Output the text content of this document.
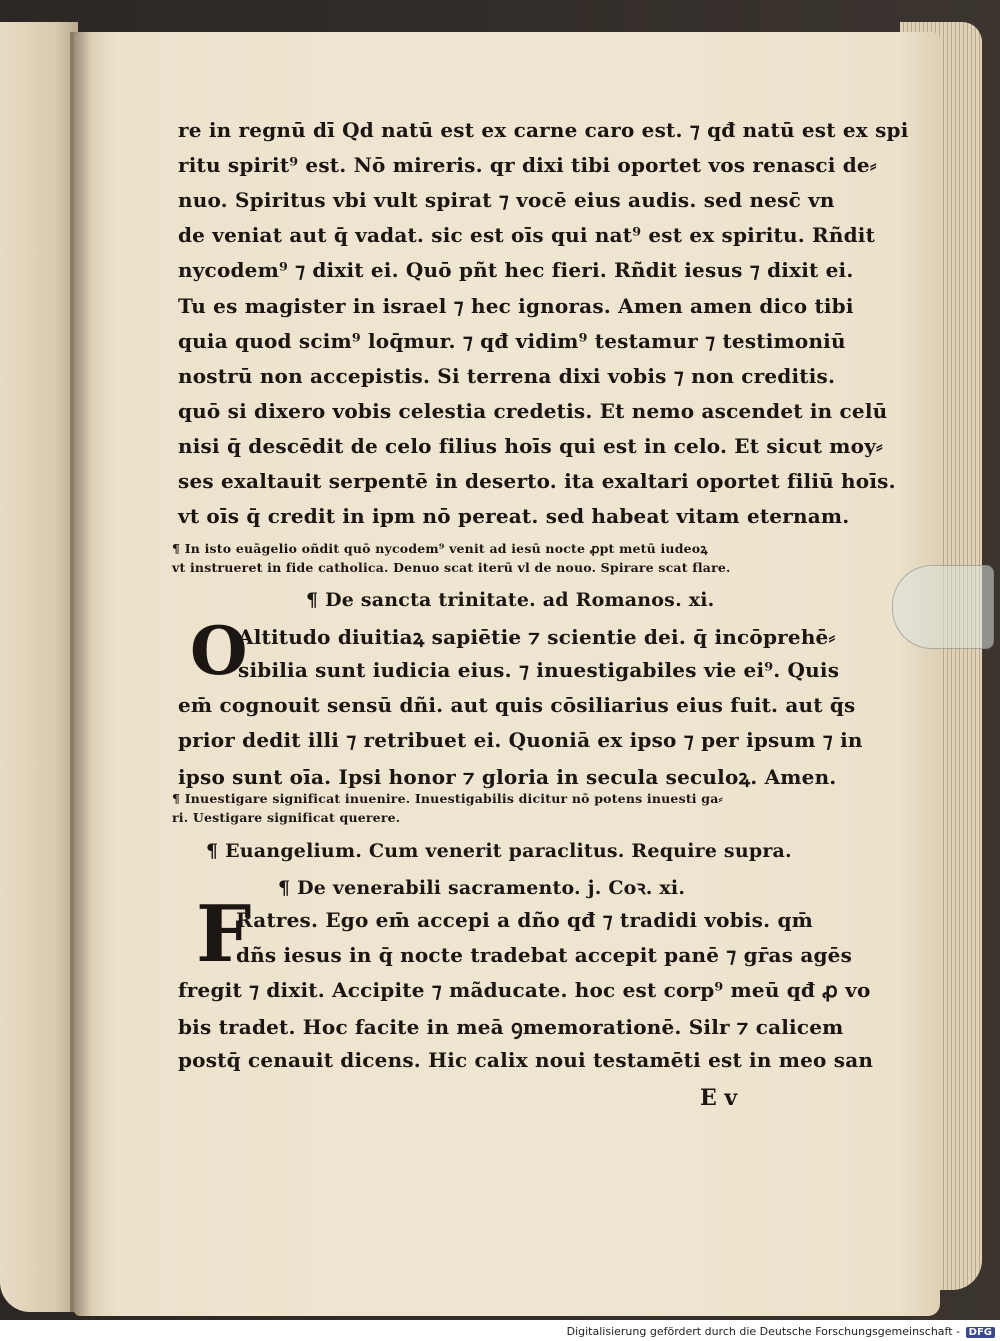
re in regnū dī Qd natū est ex carne caro est. ⁊ qđ natū est ex spi
ritu spirit⁹ est. Nō mireris. qr dixi tibi oportet vos renasci de⸗
nuo. Spiritus vbi vult spirat ⁊ vocē eius audis. sed nesc̄ vn
de veniat aut q̄ vadat. sic est oīs qui nat⁹ est ex spiritu. Rñdit
nycodem⁹ ⁊ dixit ei. Quō pñt hec fieri. Rñdit iesus ⁊ dixit ei.
Tu es magister in israel ⁊ hec ignoras. Amen amen dico tibi
quia quod scim⁹ loq̄mur. ⁊ qđ vidim⁹ testamur ⁊ testimoniū
nostrū non accepistis. Si terrena dixi vobis ⁊ non creditis.
quō si dixero vobis celestia credetis. Et nemo ascendet in celū
nisi q̄ descēdit de celo filius hoīs qui est in celo. Et sicut moy⸗
ses exaltauit serpentē in deserto. ita exaltari oportet filiū hoīs.
vt oīs q̄ credit in ipm nō pereat. sed habeat vitam eternam.
¶ In isto euāgelio oñdit quō nycodem⁹ venit ad iesū nocte ꝓpt metū iudeoꝝ
vt instrueret in fide catholica. Denuo scat iterū vl de nouo. Spirare scat flare.
¶ De sancta trinitate. ad Romanos. xi.
O
Altitudo diuitiaꝝ sapiētie ⁊ scientie dei. q̄ incōprehē⸗
sibilia sunt iudicia eius. ⁊ inuestigabiles vie ei⁹. Quis
em̄ cognouit sensū dñi. aut quis cōsiliarius eius fuit. aut q̄s
prior dedit illi ⁊ retribuet ei. Quoniā ex ipso ⁊ per ipsum ⁊ in
ipso sunt oīa. Ipsi honor ⁊ gloria in secula seculoꝝ. Amen.
¶ Inuestigare significat inuenire. Inuestigabilis dicitur nō potens inuesti ga⸗
ri. Uestigare significat querere.
¶ Euangelium. Cum venerit paraclitus. Require supra.
¶ De venerabili sacramento. j. Coꝛ. xi.
F
Ratres. Ego em̄ accepi a dño qđ ⁊ tradidi vobis. qm̄
dñs iesus in q̄ nocte tradebat accepit panē ⁊ gr̄as agēs
fregit ⁊ dixit. Accipite ⁊ mãducate. hoc est corp⁹ meū qđ ꝓ vo
bis tradet. Hoc facite in meā ꝯmemorationē. Silr ⁊ calicem
postq̄ cenauit dicens. Hic calix noui testamēti est in meo san
E v
Digitalisierung gefördert durch die Deutsche Forschungsgemeinschaft - DFG
